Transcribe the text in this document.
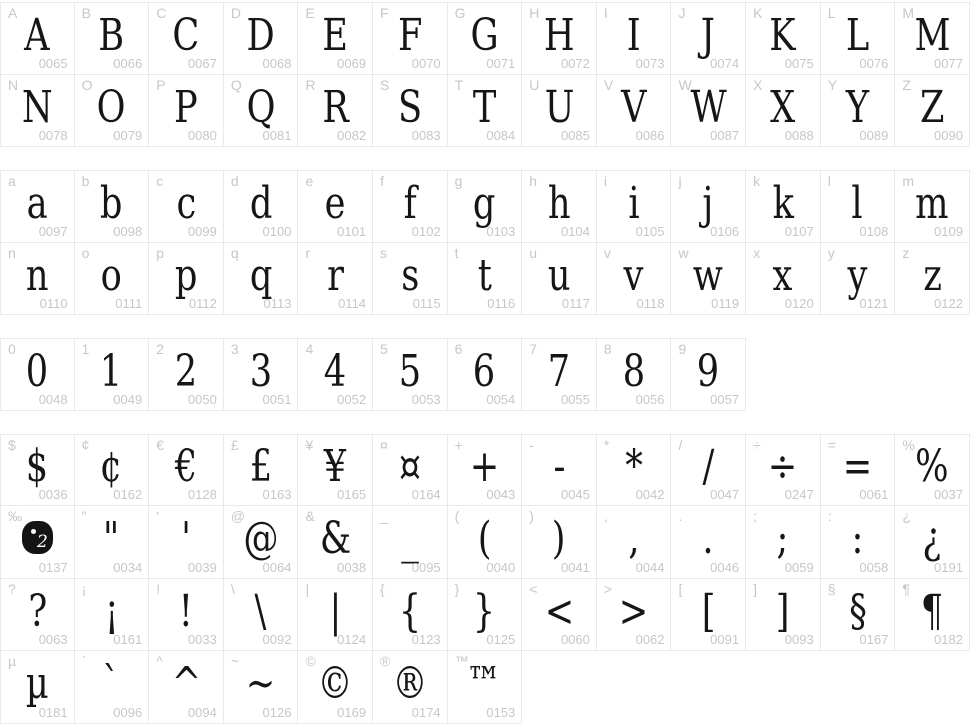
A A
0065
B B
0066
C C
0067
D D
0068
E E
0069
F F
0070
G G
0071
H H
0072
I I
0073
J J
0074
K K
0075
L L
0076
M M
0077
N N
0078
O O
0079
P P
0080
Q Q
0081
R R
0082
S S
0083
T T
0084
U U
0085
V V
0086
W
W
0087
X X
0088
Y Y
0089
Z Z
0090
a a
0097
b b
0098
c c
0099
d d
0100
e e
0101
f f
0102
g g
0103
h h
0104
i i
0105
j j
0106
k k
0107
l l
0108
m m
0109
n n
0110
o o
0111
p p
0112
q q
0113
r r
0114
s s
0115
t t
0116
u u
0117
v v
0118
w w
0119
x x
0120
y y
0121
z z
0122
0 0
0048
1 1
0049
2 2
0050
3 3
0051
4 4
0052
5 5
0053
6 6
0054
7 7
0055
8 8
0056
9 9
0057
$ $
0036
¢ ¢
0162
€ €
0128
£ £
0163
¥ ¥
0165
¤ ¤
0164
+ +
0043
- -
0045
* *
0042
/ /
0047
÷ ÷
0247
= =
0061
% %
0037
‰
0137
" "
0034
' '
0039
@
@
0064
& &
0038
_ _
0095
( (
0040
) )
0041
, ,
0044
. .
0046
; ;
0059
: :
0058
¿ ¿
0191
? ?
0063
¡ ¡
0161
! !
0033
\ \
0092
| |
0124
{ {
0123
} }
0125
< <
0060
> >
0062
[ [
0091
] ]
0093
§ §
0167
¶ ¶
0182
µ µ
0181
` `
0096
^ ^
0094
~ ~
0126
© ©
0169
® ®
0174
™
™
0153
